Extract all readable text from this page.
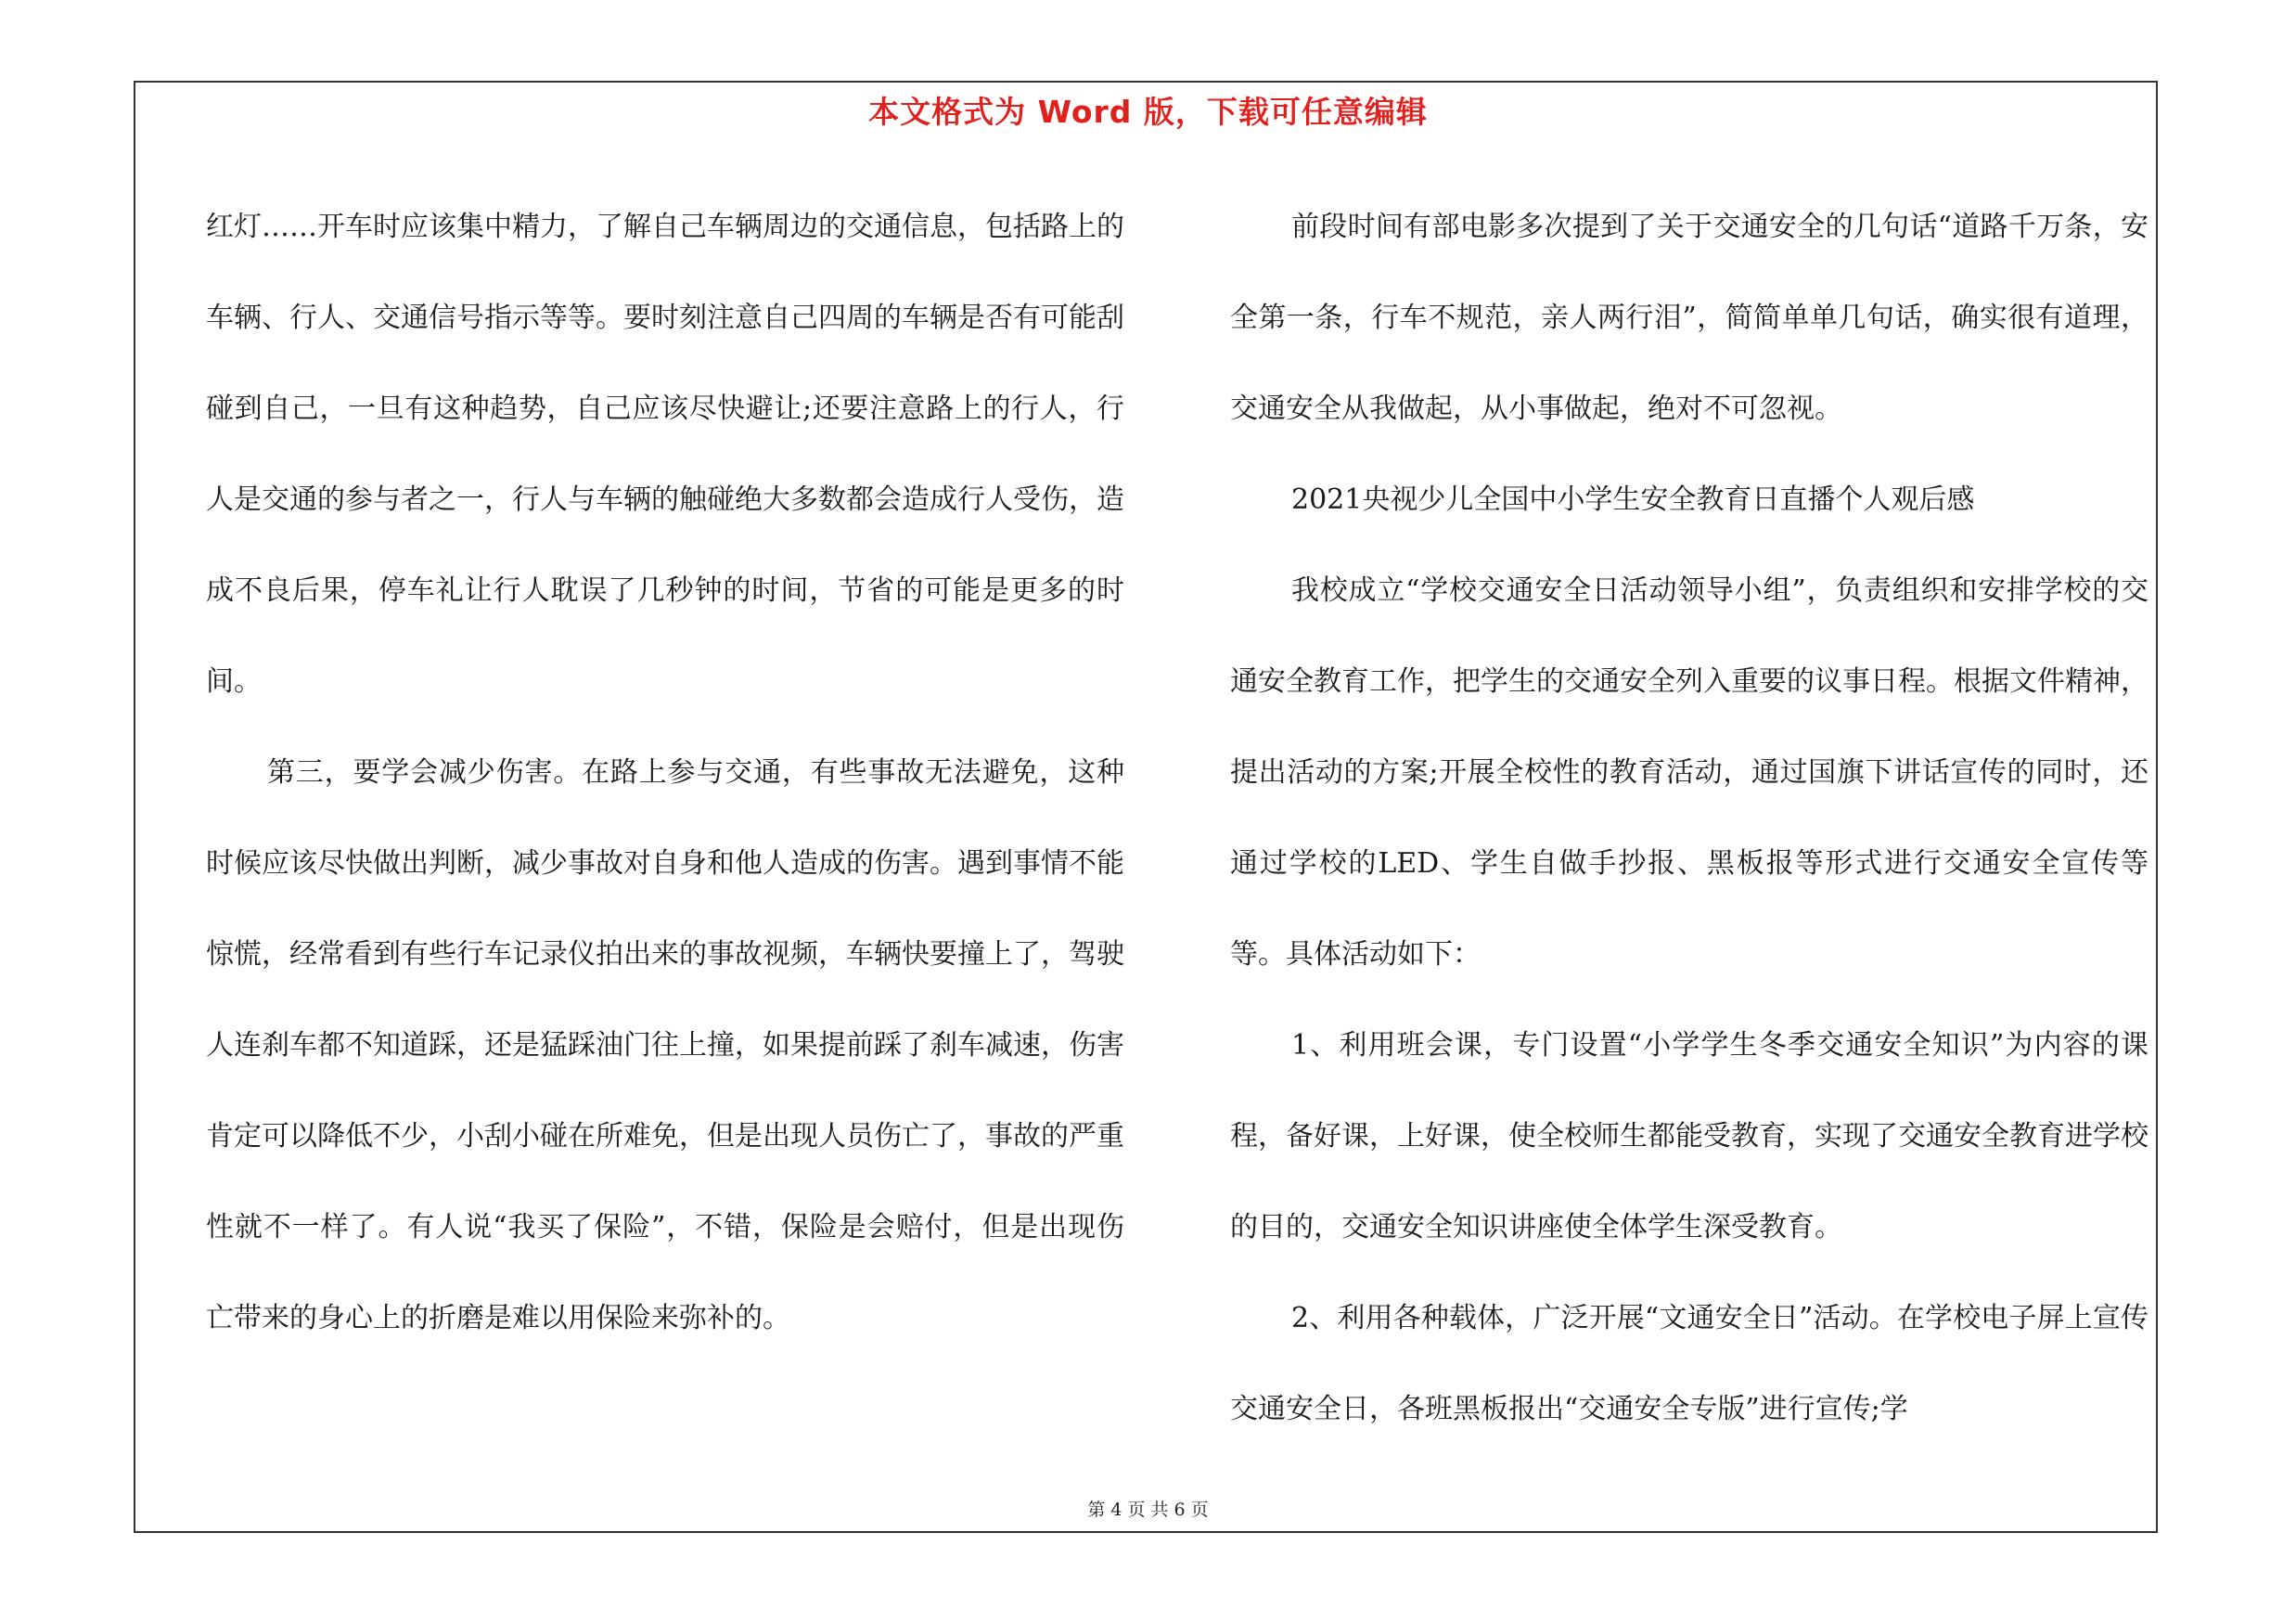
本文格式为 Word 版，下载可任意编辑

红灯……开车时应该集中精力，了解自己车辆周边的交通信息，包括路上的车辆、行人、交通信号指示等等。要时刻注意自己四周的车辆是否有可能刮碰到自己，一旦有这种趋势，自己应该尽快避让;还要注意路上的行人，行人是交通的参与者之一，行人与车辆的触碰绝大多数都会造成行人受伤，造成不良后果，停车礼让行人耽误了几秒钟的时间，节省的可能是更多的时间。

第三，要学会减少伤害。在路上参与交通，有些事故无法避免，这种时候应该尽快做出判断，减少事故对自身和他人造成的伤害。遇到事情不能惊慌，经常看到有些行车记录仪拍出来的事故视频，车辆快要撞上了，驾驶人连刹车都不知道踩，还是猛踩油门往上撞，如果提前踩了刹车减速，伤害肯定可以降低不少，小刮小碰在所难免，但是出现人员伤亡了，事故的严重性就不一样了。有人说“我买了保险”，不错，保险是会赔付，但是出现伤亡带来的身心上的折磨是难以用保险来弥补的。

前段时间有部电影多次提到了关于交通安全的几句话“道路千万条，安全第一条，行车不规范，亲人两行泪”，简简单单几句话，确实很有道理，交通安全从我做起，从小事做起，绝对不可忽视。

2021央视少儿全国中小学生安全教育日直播个人观后感

我校成立“学校交通安全日活动领导小组”，负责组织和安排学校的交通安全教育工作，把学生的交通安全列入重要的议事日程。根据文件精神，提出活动的方案;开展全校性的教育活动，通过国旗下讲话宣传的同时，还通过学校的LED、学生自做手抄报、黑板报等形式进行交通安全宣传等等。具体活动如下：

1、利用班会课，专门设置“小学学生冬季交通安全知识”为内容的课程，备好课，上好课，使全校师生都能受教育，实现了交通安全教育进学校的目的，交通安全知识讲座使全体学生深受教育。

2、利用各种载体，广泛开展“文通安全日”活动。在学校电子屏上宣传交通安全日，各班黑板报出“交通安全专版”进行宣传;学

第 4 页 共 6 页
